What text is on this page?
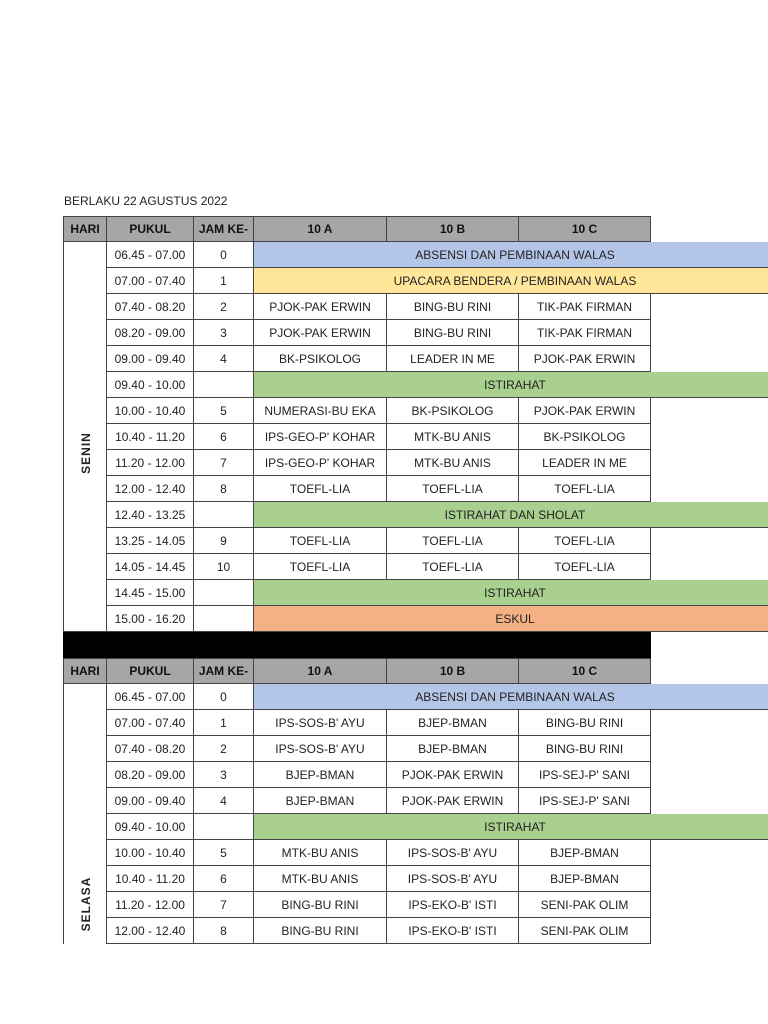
BERLAKU 22 AGUSTUS 2022
HARI	PUKUL	JAM KE-	10 A	10 B	10 C
SENIN
06.45 - 07.00	0	ABSENSI DAN PEMBINAAN WALAS
07.00 - 07.40	1	UPACARA BENDERA / PEMBINAAN WALAS
07.40 - 08.20	2	PJOK-PAK ERWIN	BING-BU RINI	TIK-PAK FIRMAN
08.20 - 09.00	3	PJOK-PAK ERWIN	BING-BU RINI	TIK-PAK FIRMAN
09.00 - 09.40	4	BK-PSIKOLOG	LEADER IN ME	PJOK-PAK ERWIN
09.40 - 10.00	ISTIRAHAT
10.00 - 10.40	5	NUMERASI-BU EKA	BK-PSIKOLOG	PJOK-PAK ERWIN
10.40 - 11.20	6	IPS-GEO-P' KOHAR	MTK-BU ANIS	BK-PSIKOLOG
11.20 - 12.00	7	IPS-GEO-P' KOHAR	MTK-BU ANIS	LEADER IN ME
12.00 - 12.40	8	TOEFL-LIA	TOEFL-LIA	TOEFL-LIA
12.40 - 13.25	ISTIRAHAT DAN SHOLAT
13.25 - 14.05	9	TOEFL-LIA	TOEFL-LIA	TOEFL-LIA
14.05 - 14.45	10	TOEFL-LIA	TOEFL-LIA	TOEFL-LIA
14.45 - 15.00	ISTIRAHAT
15.00 - 16.20	ESKUL
HARI	PUKUL	JAM KE-	10 A	10 B	10 C
SELASA
06.45 - 07.00	0	ABSENSI DAN PEMBINAAN WALAS
07.00 - 07.40	1	IPS-SOS-B' AYU	BJEP-BMAN	BING-BU RINI
07.40 - 08.20	2	IPS-SOS-B' AYU	BJEP-BMAN	BING-BU RINI
08.20 - 09.00	3	BJEP-BMAN	PJOK-PAK ERWIN	IPS-SEJ-P' SANI
09.00 - 09.40	4	BJEP-BMAN	PJOK-PAK ERWIN	IPS-SEJ-P' SANI
09.40 - 10.00	ISTIRAHAT
10.00 - 10.40	5	MTK-BU ANIS	IPS-SOS-B' AYU	BJEP-BMAN
10.40 - 11.20	6	MTK-BU ANIS	IPS-SOS-B' AYU	BJEP-BMAN
11.20 - 12.00	7	BING-BU RINI	IPS-EKO-B' ISTI	SENI-PAK OLIM
12.00 - 12.40	8	BING-BU RINI	IPS-EKO-B' ISTI	SENI-PAK OLIM
